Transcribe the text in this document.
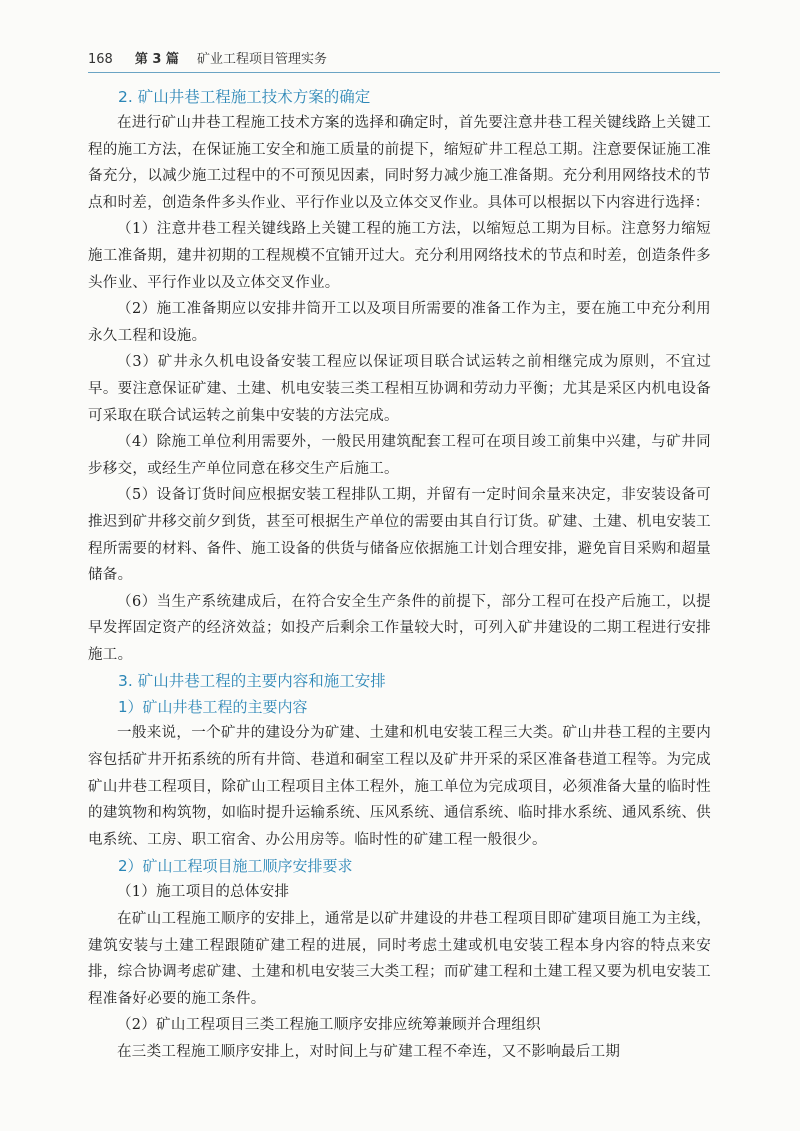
168 第 3 篇 矿业工程项目管理实务
2. 矿山井巷工程施工技术方案的确定

在进行矿山井巷工程施工技术方案的选择和确定时，首先要注意井巷工程关键线路上关键工程的施工方法，在保证施工安全和施工质量的前提下，缩短矿井工程总工期。注意要保证施工准备充分，以减少施工过程中的不可预见因素，同时努力减少施工准备期。充分利用网络技术的节点和时差，创造条件多头作业、平行作业以及立体交叉作业。具体可以根据以下内容进行选择：

（1）注意井巷工程关键线路上关键工程的施工方法，以缩短总工期为目标。注意努力缩短施工准备期，建井初期的工程规模不宜铺开过大。充分利用网络技术的节点和时差，创造条件多头作业、平行作业以及立体交叉作业。

（2）施工准备期应以安排井筒开工以及项目所需要的准备工作为主，要在施工中充分利用永久工程和设施。

（3）矿井永久机电设备安装工程应以保证项目联合试运转之前相继完成为原则，不宜过早。要注意保证矿建、土建、机电安装三类工程相互协调和劳动力平衡；尤其是采区内机电设备可采取在联合试运转之前集中安装的方法完成。

（4）除施工单位利用需要外，一般民用建筑配套工程可在项目竣工前集中兴建，与矿井同步移交，或经生产单位同意在移交生产后施工。

（5）设备订货时间应根据安装工程排队工期，并留有一定时间余量来决定，非安装设备可推迟到矿井移交前夕到货，甚至可根据生产单位的需要由其自行订货。矿建、土建、机电安装工程所需要的材料、备件、施工设备的供货与储备应依据施工计划合理安排，避免盲目采购和超量储备。

（6）当生产系统建成后，在符合安全生产条件的前提下，部分工程可在投产后施工，以提早发挥固定资产的经济效益；如投产后剩余工作量较大时，可列入矿井建设的二期工程进行安排施工。

3. 矿山井巷工程的主要内容和施工安排
1）矿山井巷工程的主要内容

一般来说，一个矿井的建设分为矿建、土建和机电安装工程三大类。矿山井巷工程的主要内容包括矿井开拓系统的所有井筒、巷道和硐室工程以及矿井开采的采区准备巷道工程等。为完成矿山井巷工程项目，除矿山工程项目主体工程外，施工单位为完成项目，必须准备大量的临时性的建筑物和构筑物，如临时提升运输系统、压风系统、通信系统、临时排水系统、通风系统、供电系统、工房、职工宿舍、办公用房等。临时性的矿建工程一般很少。

2）矿山工程项目施工顺序安排要求

（1）施工项目的总体安排

在矿山工程施工顺序的安排上，通常是以矿井建设的井巷工程项目即矿建项目施工为主线，建筑安装与土建工程跟随矿建工程的进展，同时考虑土建或机电安装工程本身内容的特点来安排，综合协调考虑矿建、土建和机电安装三大类工程；而矿建工程和土建工程又要为机电安装工程准备好必要的施工条件。

（2）矿山工程项目三类工程施工顺序安排应统筹兼顾并合理组织

在三类工程施工顺序安排上，对时间上与矿建工程不牵连，又不影响最后工期
